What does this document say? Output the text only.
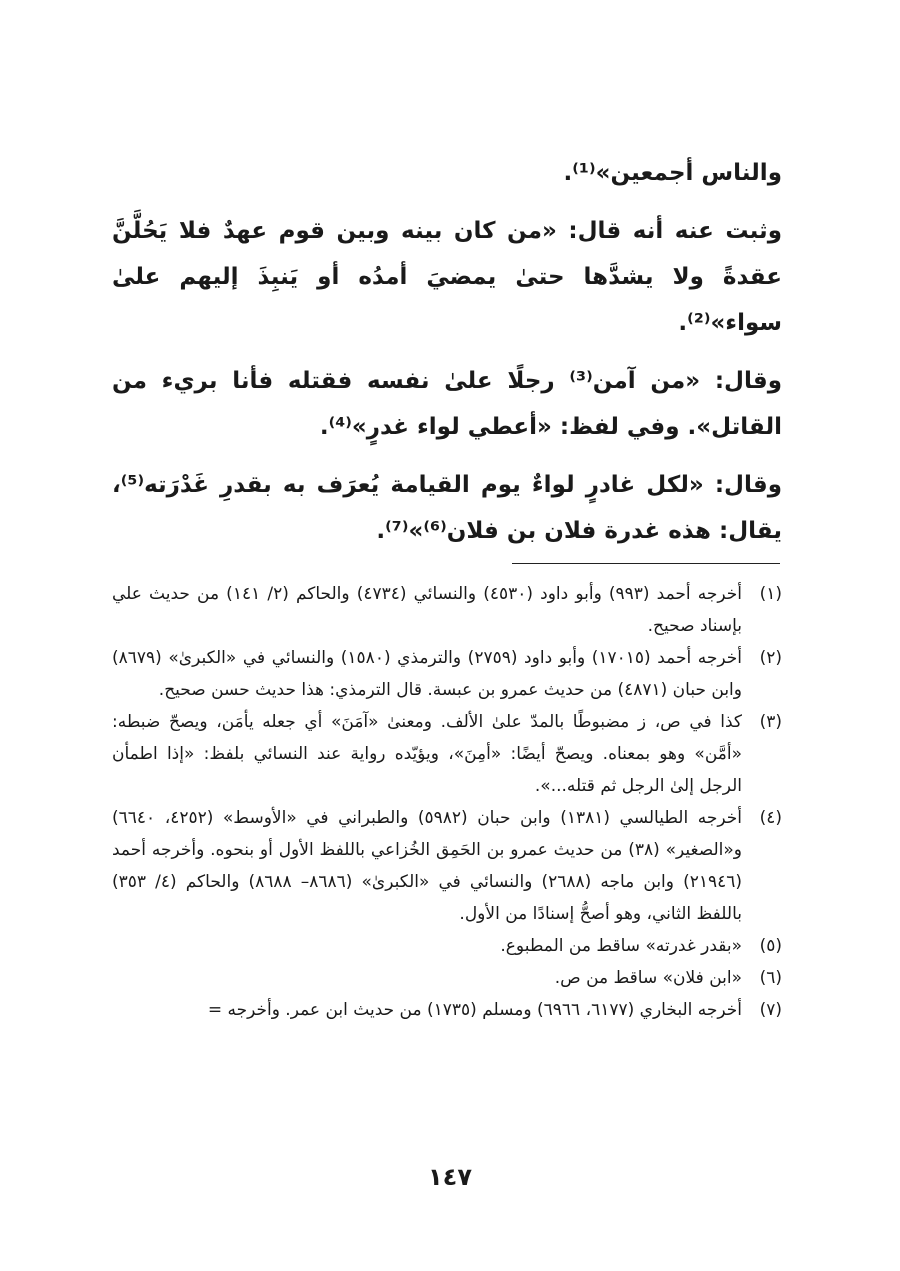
والناس أجمعين»⁽¹⁾.

وثبت عنه أنه قال: «من كان بينه وبين قوم عهدٌ فلا يَحُلَّنَّ عقدةً ولا يشدَّها حتىٰ يمضيَ أمدُه أو يَنبِذَ إليهم علىٰ سواء»⁽²⁾.

وقال: «من آمن⁽³⁾ رجلًا علىٰ نفسه فقتله فأنا بريء من القاتل». وفي لفظ: «أعطي لواء غدرٍ»⁽⁴⁾.

وقال: «لكل غادرٍ لواءٌ يوم القيامة يُعرَف به بقدرِ غَدْرَته⁽⁵⁾، يقال: هذه غدرة فلان بن فلان⁽⁶⁾»⁽⁷⁾.

(١)
أخرجه أحمد (٩٩٣) وأبو داود (٤٥٣٠) والنسائي (٤٧٣٤) والحاكم (٢/ ١٤١) من حديث علي بإسناد صحيح.
(٢)
أخرجه أحمد (١٧٠١٥) وأبو داود (٢٧٥٩) والترمذي (١٥٨٠) والنسائي في «الكبرىٰ» (٨٦٧٩) وابن حبان (٤٨٧١) من حديث عمرو بن عبسة. قال الترمذي: هذا حديث حسن صحيح.
(٣)
كذا في ص، ز مضبوطًا بالمدّ علىٰ الألف. ومعنىٰ «آمَنَ» أي جعله يأمَن، ويصحّ ضبطه: «أمَّن» وهو بمعناه. ويصحّ أيضًا: «أمِنَ»، ويؤيّده رواية عند النسائي بلفظ: «إذا اطمأن الرجل إلىٰ الرجل ثم قتله...».
(٤)
أخرجه الطيالسي (١٣٨١) وابن حبان (٥٩٨٢) والطبراني في «الأوسط» (٤٢٥٢، ٦٦٤٠) و«الصغير» (٣٨) من حديث عمرو بن الحَمِق الخُزاعي باللفظ الأول أو بنحوه. وأخرجه أحمد (٢١٩٤٦) وابن ماجه (٢٦٨٨) والنسائي في «الكبرىٰ» (٨٦٨٦– ٨٦٨٨) والحاكم (٤/ ٣٥٣) باللفظ الثاني، وهو أصحُّ إسنادًا من الأول.
(٥)
«بقدر غدرته» ساقط من المطبوع.
(٦)
«ابن فلان» ساقط من ص.
(٧)
أخرجه البخاري (٦١٧٧، ٦٩٦٦) ومسلم (١٧٣٥) من حديث ابن عمر. وأخرجه =
١٤٧
